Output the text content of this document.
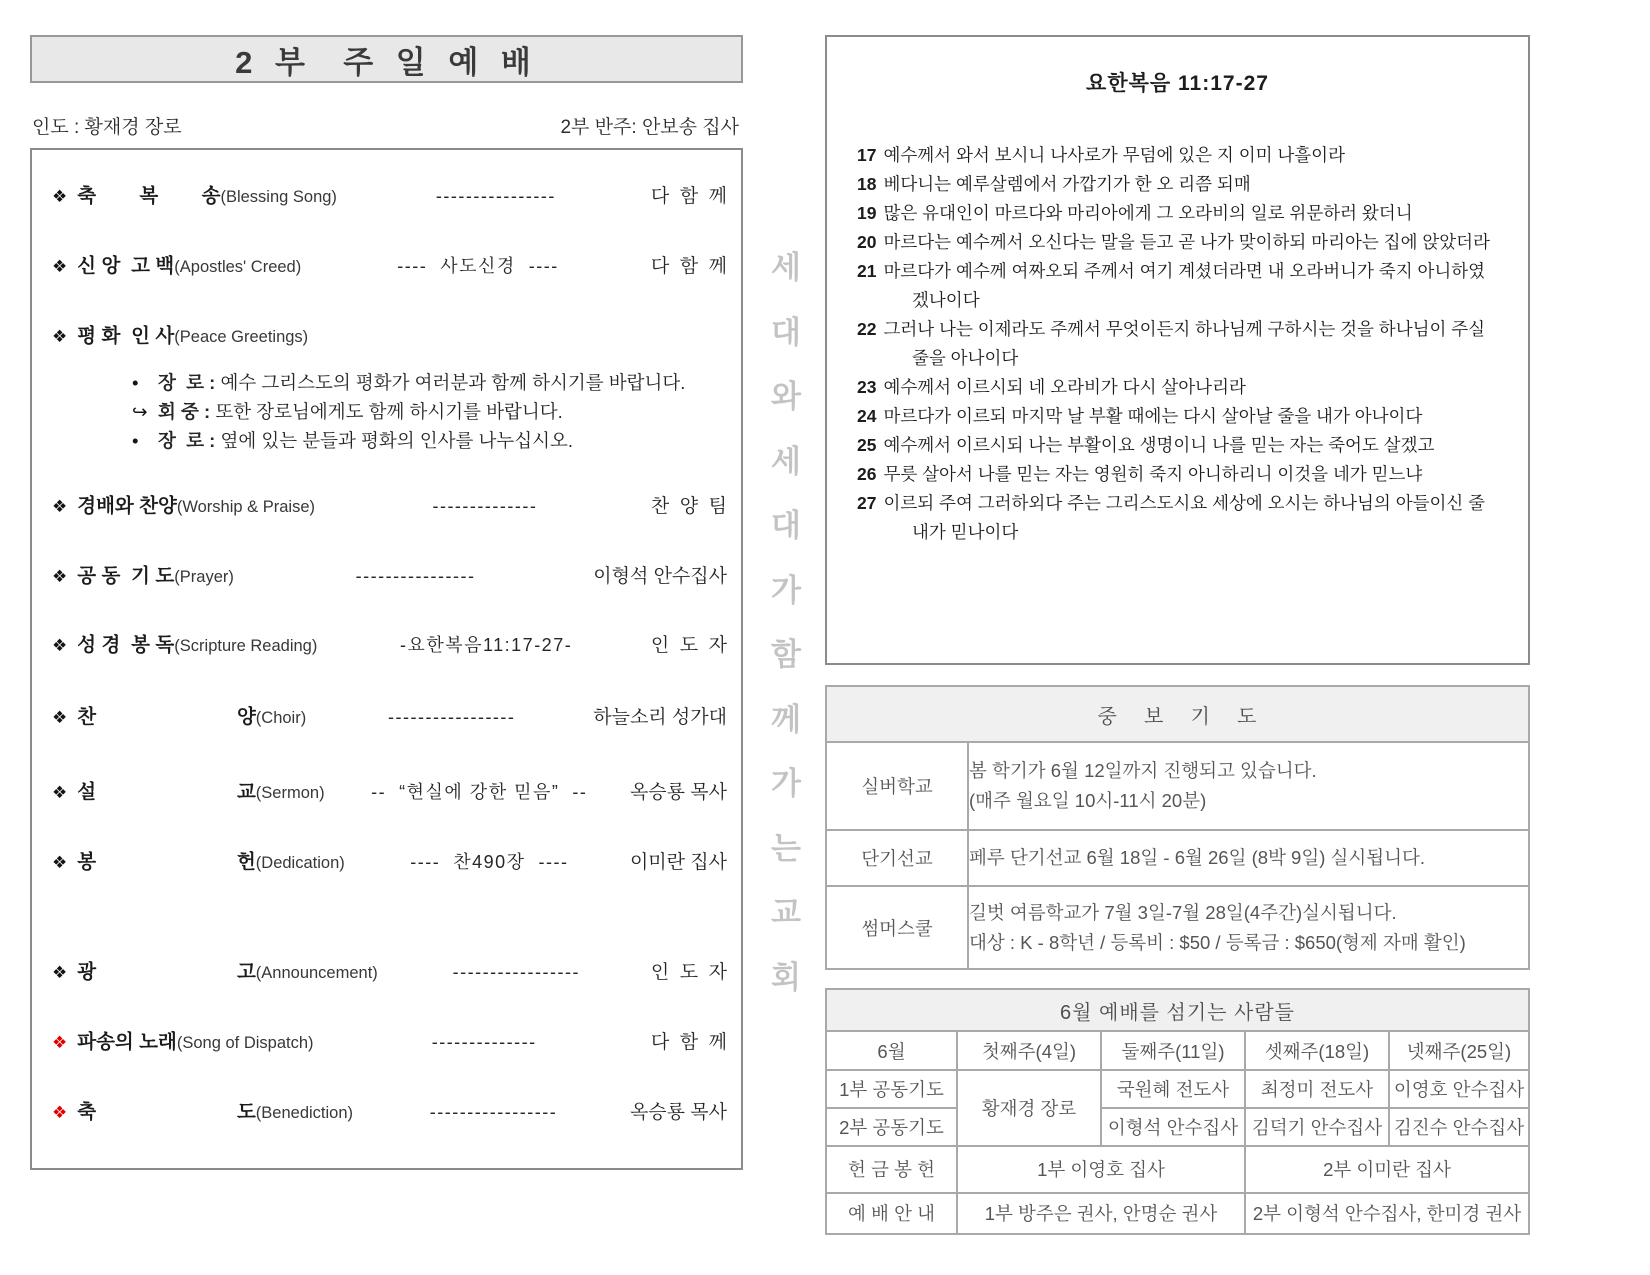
2 부  주 일 예 배
인도 : 황재경 장로	2부 반주: 안보송 집사
❖ 축        복        송 (Blessing Song)	----------------	다  함  께
❖ 신 앙  고 백 (Apostles' Creed)	----  사도신경  ----	다  함  께
❖ 평 화  인 사 (Peace Greetings)
• 장  로 : 예수 그리스도의 평화가 여러분과 함께 하시기를 바랍니다.
↪ 회 중 : 또한 장로님에게도 함께 하시기를 바랍니다.
• 장  로 : 옆에 있는 분들과 평화의 인사를 나누십시오.
❖ 경배와 찬양 (Worship & Praise)	--------------	찬  양  팀
❖ 공 동  기 도 (Prayer)	----------------	이형석 안수집사
❖ 성 경  봉 독 (Scripture Reading)	-요한복음11:17-27-	인  도  자
❖ 찬                          양 (Choir)	-----------------	하늘소리 성가대
❖ 설                          교 (Sermon)	--  “현실에 강한 믿음”  --	옥승룡 목사
❖ 봉                          헌 (Dedication)	----  찬490장  ----	이미란 집사
❖ 광                          고 (Announcement)	-----------------	인  도  자
❖ 파송의 노래 (Song of Dispatch)	--------------	다  함  께
❖ 축                          도 (Benediction)	-----------------	옥승룡 목사
세
대
와
세
대
가
함
께
가
는
교
회
요한복음 11:17-27
17 예수께서 와서 보시니 나사로가 무덤에 있은 지 이미 나흘이라
18 베다니는 예루살렘에서 가깝기가 한 오 리쯤 되매
19 많은 유대인이 마르다와 마리아에게 그 오라비의 일로 위문하러 왔더니
20 마르다는 예수께서 오신다는 말을 듣고 곧 나가 맞이하되 마리아는 집에 앉았더라
21 마르다가 예수께 여짜오되 주께서 여기 계셨더라면 내 오라버니가 죽지 아니하였겠나이다
22 그러나 나는 이제라도 주께서 무엇이든지 하나님께 구하시는 것을 하나님이 주실 줄을 아나이다
23 예수께서 이르시되 네 오라비가 다시 살아나리라
24 마르다가 이르되 마지막 날 부활 때에는 다시 살아날 줄을 내가 아나이다
25 예수께서 이르시되 나는 부활이요 생명이니 나를 믿는 자는 죽어도 살겠고
26 무릇 살아서 나를 믿는 자는 영원히 죽지 아니하리니 이것을 네가 믿느냐
27 이르되 주여 그러하외다 주는 그리스도시요 세상에 오시는 하나님의 아들이신 줄 내가 믿나이다
중    보    기    도	
실버학교	봄 학기가 6월 12일까지 진행되고 있습니다.
(매주 월요일 10시-11시 20분)

단기선교	페루 단기선교 6월 18일 - 6월 26일 (8박 9일) 실시됩니다.

썸머스쿨	길벗 여름학교가 7월 3일-7월 28일(4주간)실시됩니다.
대상 : K - 8학년 / 등록비 : $50 / 등록금 : $650(형제 자매 활인)
6월 예배를 섬기는 사람들				
6월	첫째주(4일)	둘째주(11일)	셋째주(18일)	넷째주(25일)
1부 공동기도	황재경 장로	국원혜 전도사	최정미 전도사	이영호 안수집사
2부 공동기도		이형석 안수집사	김덕기 안수집사	김진수 안수집사
헌 금 봉 헌	1부 이영호 집사		2부 이미란 집사	
예 배 안 내	1부 방주은 권사, 안명순 권사		2부 이형석 안수집사, 한미경 권사	
